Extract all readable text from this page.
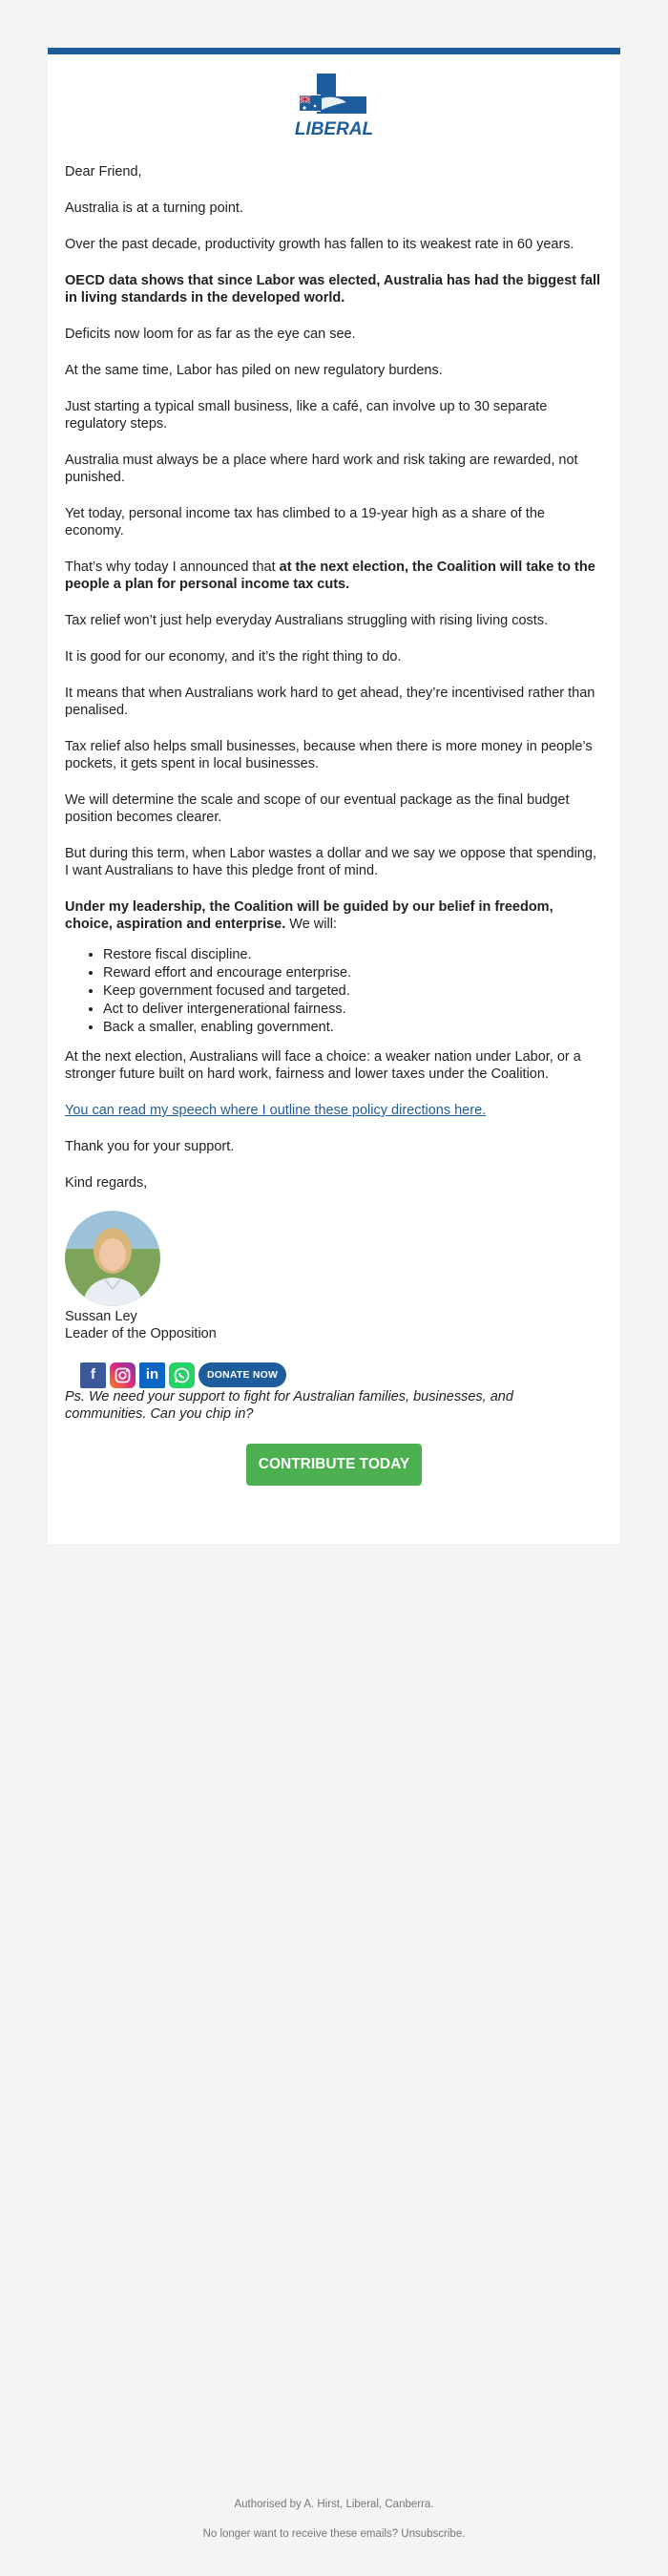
LIBERAL

Dear Friend,

Australia is at a turning point.

Over the past decade, productivity growth has fallen to its weakest rate in 60 years.

OECD data shows that since Labor was elected, Australia has had the biggest fall in living standards in the developed world.

Deficits now loom for as far as the eye can see.

At the same time, Labor has piled on new regulatory burdens.

Just starting a typical small business, like a café, can involve up to 30 separate regulatory steps.

Australia must always be a place where hard work and risk taking are rewarded, not punished.

Yet today, personal income tax has climbed to a 19-year high as a share of the economy.

That’s why today I announced that at the next election, the Coalition will take to the people a plan for personal income tax cuts.

Tax relief won’t just help everyday Australians struggling with rising living costs.

It is good for our economy, and it’s the right thing to do.

It means that when Australians work hard to get ahead, they’re incentivised rather than penalised.

Tax relief also helps small businesses, because when there is more money in people’s pockets, it gets spent in local businesses.

We will determine the scale and scope of our eventual package as the final budget position becomes clearer.

But during this term, when Labor wastes a dollar and we say we oppose that spending, I want Australians to have this pledge front of mind.

Under my leadership, the Coalition will be guided by our belief in freedom, choice, aspiration and enterprise. We will:

• Restore fiscal discipline.
• Reward effort and encourage enterprise.
• Keep government focused and targeted.
• Act to deliver intergenerational fairness.
• Back a smaller, enabling government.

At the next election, Australians will face a choice: a weaker nation under Labor, or a stronger future built on hard work, fairness and lower taxes under the Coalition.

You can read my speech where I outline these policy directions here.

Thank you for your support.

Kind regards,

Sussan Ley
Leader of the Opposition
f	in	DONATE NOW

Ps. We need your support to fight for Australian families, businesses, and communities. Can you chip in?

CONTRIBUTE TODAY
Authorised by A. Hirst, Liberal, Canberra.
No longer want to receive these emails? Unsubscribe.
